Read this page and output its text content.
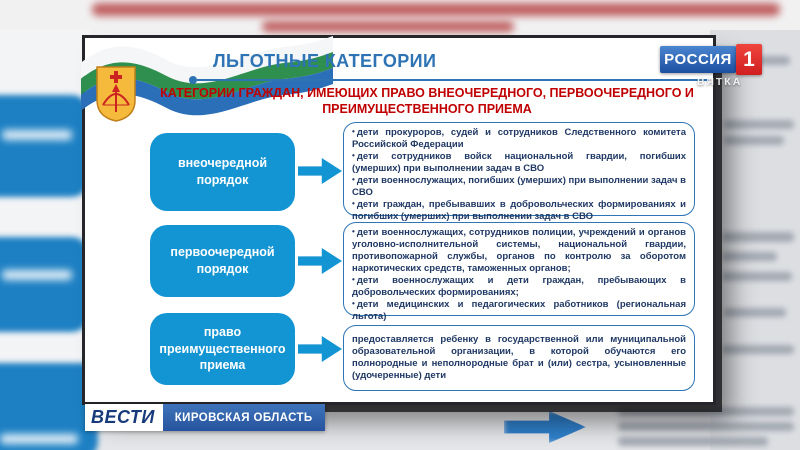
ЛЬГОТНЫЕ КАТЕГОРИИ
КАТЕГОРИИ ГРАЖДАН, ИМЕЮЩИХ ПРАВО ВНЕОЧЕРЕДНОГО, ПЕРВООЧЕРЕДНОГО И ПРЕИМУЩЕСТВЕННОГО ПРИЕМА
внеочередной порядок
• дети прокуроров, судей и сотрудников Следственного комитета Российской Федерации
• дети сотрудников войск национальной гвардии, погибших (умерших) при выполнении задач в СВО
• дети военнослужащих, погибших (умерших) при выполнении задач в СВО
• дети граждан, пребывавших в добровольческих формированиях и погибших (умерших) при выполнении задач в СВО
первоочередной порядок
• дети военнослужащих, сотрудников полиции, учреждений и органов уголовно-исполнительной системы, национальной гвардии, противопожарной службы, органов по контролю за оборотом наркотических средств, таможенных органов;
• дети военнослужащих и дети граждан, пребывающих в добровольческих формированиях;
• дети медицинских и педагогических работников (региональная льгота)
право преимущественного приема
предоставляется ребенку в государственной или муниципальной образовательной организации, в которой обучаются его полнородные и неполнородные брат и (или) сестра, усыновленные (удочеренные) дети
РОССИЯ 1
ВЯТКА
ВЕСТИ	КИРОВСКАЯ ОБЛАСТЬ
